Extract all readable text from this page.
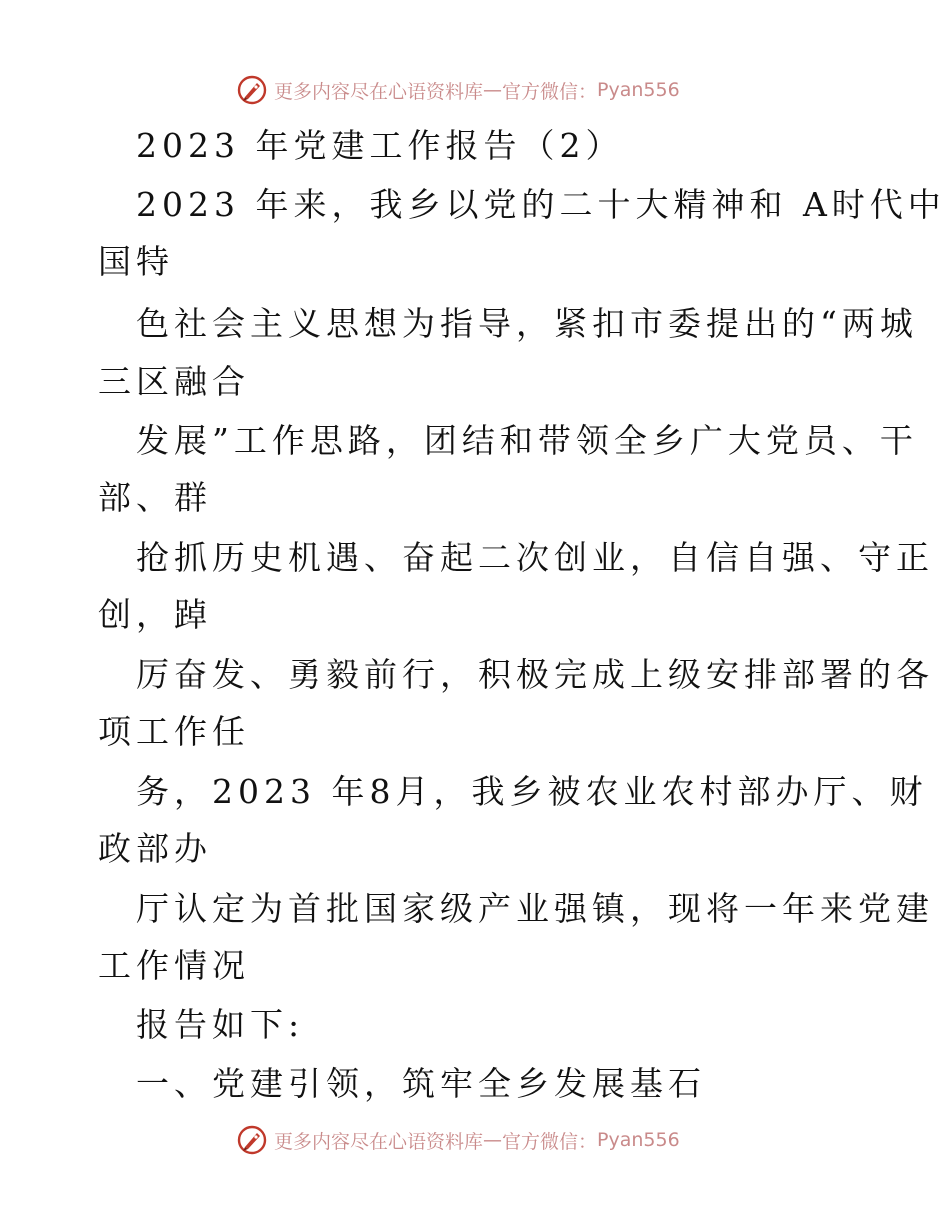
更多内容尽在心语资料库 — 官方微信： Pyan556
2023 年党建工作报告（2）
2023 年来，我乡以党的二十大精神和 A时代中
国特
色社会主义思想为指导，紧扣市委提出的“两城
三区融合
发展”工作思路，团结和带领全乡广大党员、干
部、群
抢抓历史机遇、奋起二次创业，自信自强、守正
创，踔
厉奋发、勇毅前行，积极完成上级安排部署的各
项工作任
务，2023 年8月，我乡被农业农村部办厅、财
政部办
厅认定为首批国家级产业强镇，现将一年来党建
工作情况
报告如下:
一、党建引领，筑牢全乡发展基石
更多内容尽在心语资料库 — 官方微信： Pyan556
